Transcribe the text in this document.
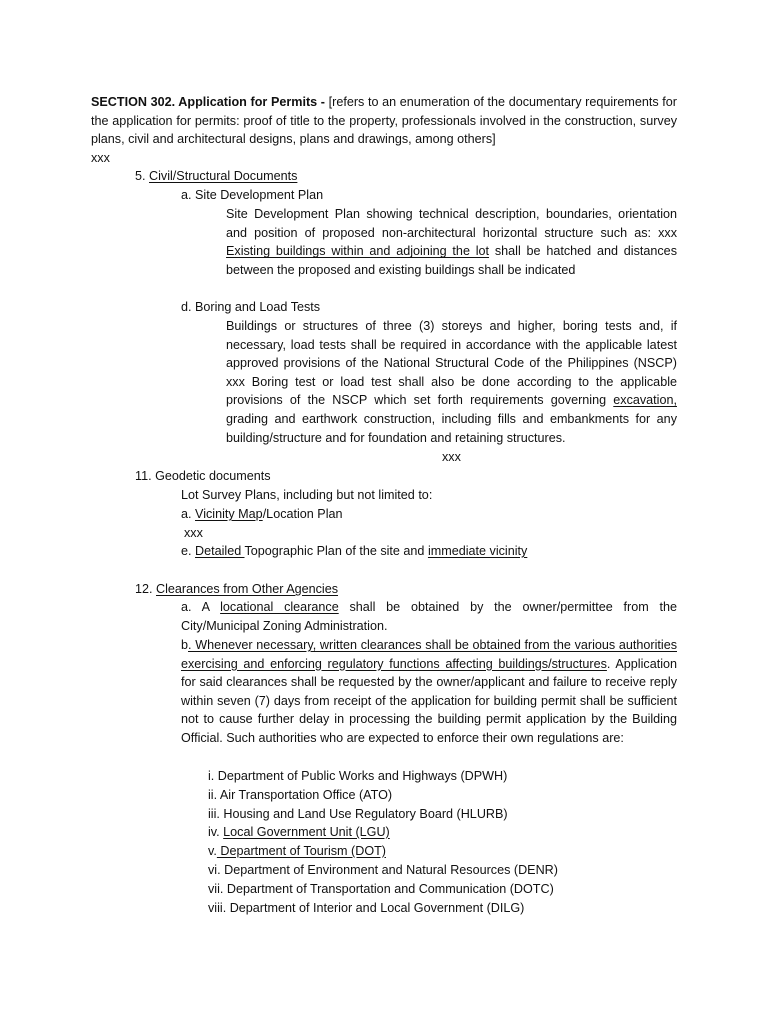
SECTION 302. Application for Permits - [refers to an enumeration of the documentary requirements for the application for permits: proof of title to the property, professionals involved in the construction, survey plans, civil and architectural designs, plans and drawings, among others]
xxx
5. Civil/Structural Documents
a. Site Development Plan
Site Development Plan showing technical description, boundaries, orientation and position of proposed non-architectural horizontal structure such as: xxx Existing buildings within and adjoining the lot shall be hatched and distances between the proposed and existing buildings shall be indicated
d. Boring and Load Tests
Buildings or structures of three (3) storeys and higher, boring tests and, if necessary, load tests shall be required in accordance with the applicable latest approved provisions of the National Structural Code of the Philippines (NSCP) xxx Boring test or load test shall also be done according to the applicable provisions of the NSCP which set forth requirements governing excavation, grading and earthwork construction, including fills and embankments for any building/structure and for foundation and retaining structures.
xxx
11. Geodetic documents
Lot Survey Plans, including but not limited to:
a. Vicinity Map/Location Plan
xxx
e. Detailed Topographic Plan of the site and immediate vicinity
12. Clearances from Other Agencies
a. A locational clearance shall be obtained by the owner/permittee from the City/Municipal Zoning Administration.
b. Whenever necessary, written clearances shall be obtained from the various authorities exercising and enforcing regulatory functions affecting buildings/structures. Application for said clearances shall be requested by the owner/applicant and failure to receive reply within seven (7) days from receipt of the application for building permit shall be sufficient not to cause further delay in processing the building permit application by the Building Official. Such authorities who are expected to enforce their own regulations are:
i. Department of Public Works and Highways (DPWH)
ii. Air Transportation Office (ATO)
iii. Housing and Land Use Regulatory Board (HLURB)
iv. Local Government Unit (LGU)
v. Department of Tourism (DOT)
vi. Department of Environment and Natural Resources (DENR)
vii. Department of Transportation and Communication (DOTC)
viii. Department of Interior and Local Government (DILG)
